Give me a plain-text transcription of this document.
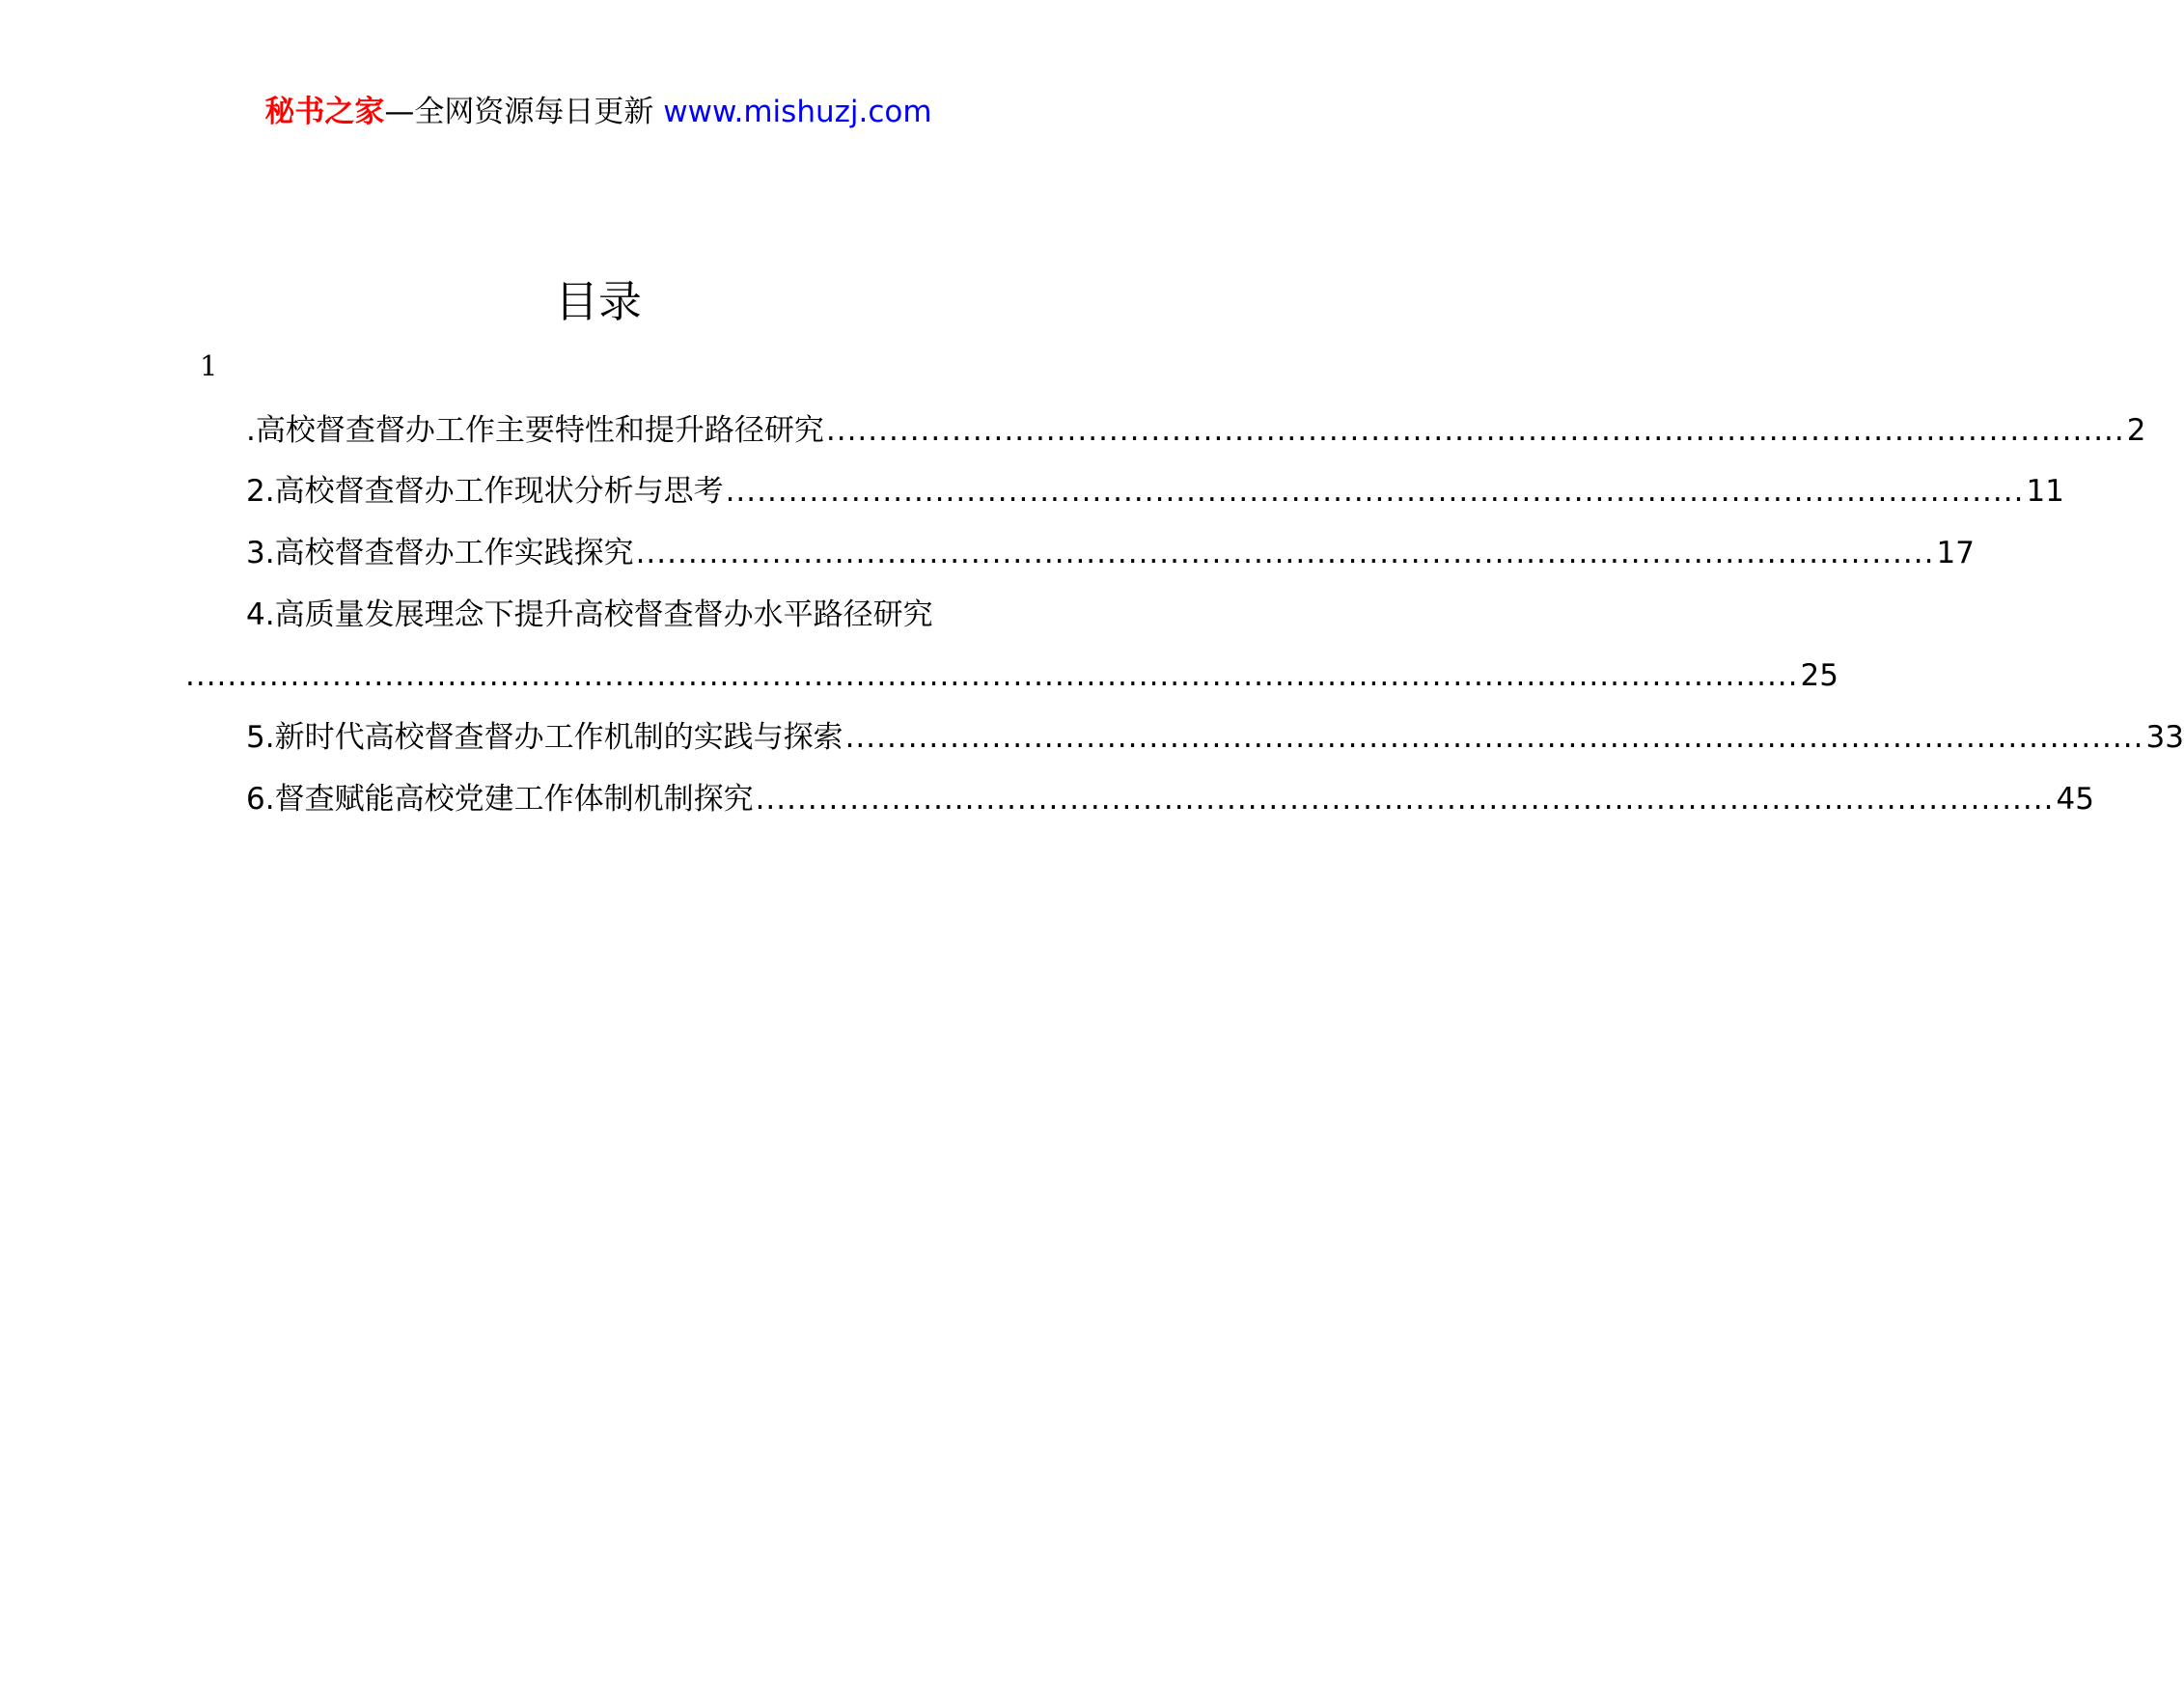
秘书之家—全网资源每日更新 www.mishuzj.com
目录
1
.高校督查督办工作主要特性和提升路径研究 ............................................................................................................................ 2
2.高校督查督办工作现状分析与思考 ............................................................................................................................ 11
3.高校督查督办工作实践探究 ............................................................................................................................ 17
4.高质量发展理念下提升高校督查督办水平路径研究
.......................................................................................................................................................... 25
5.新时代高校督查督办工作机制的实践与探索 ............................................................................................................................ 33
6.督查赋能高校党建工作体制机制探究 ............................................................................................................................ 45
